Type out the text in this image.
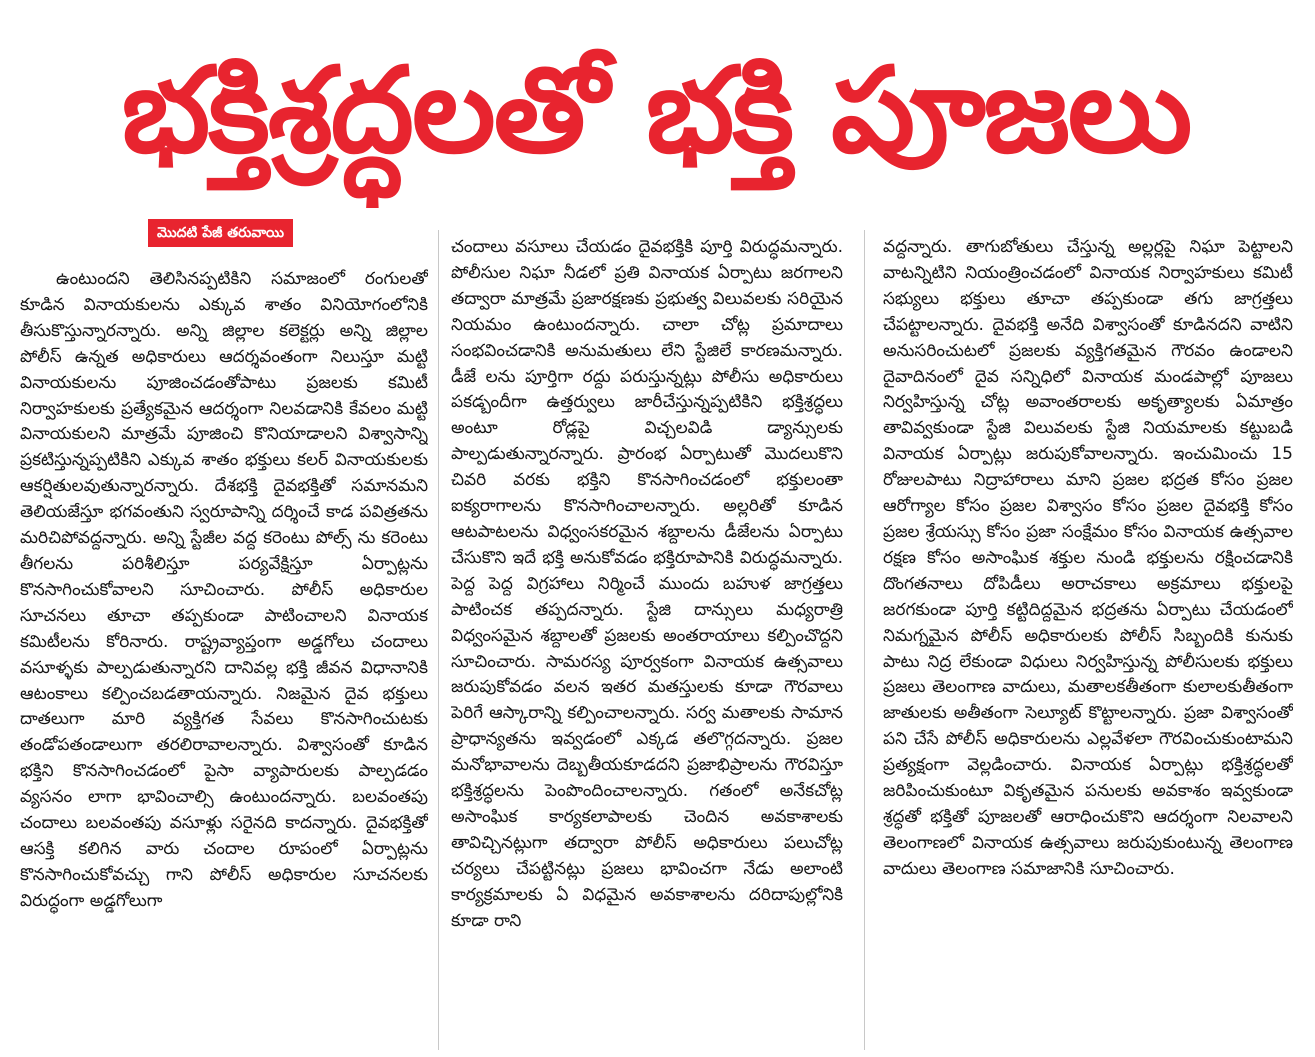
భక్తిశ్రద్ధలతో భక్తి పూజలు
మొదటి పేజీ తరువాయి

ఉంటుందని తెలిసినప్పటికిని సమాజంలో రంగులతో కూడిన వినాయకులను ఎక్కువ శాతం వినియోగంలోనికి తీసుకొస్తున్నారన్నారు. అన్ని జిల్లాల కలెక్టర్లు అన్ని జిల్లాల పోలీస్ ఉన్నత అధికారులు ఆదర్శవంతంగా నిలుస్తూ మట్టి వినాయకులను పూజించడంతోపాటు ప్రజలకు కమిటీ నిర్వాహకులకు ప్రత్యేకమైన ఆదర్శంగా నిలవడానికి కేవలం మట్టి వినాయకులని మాత్రమే పూజించి కొనియాడాలని విశ్వాసాన్ని ప్రకటిస్తున్నప్పటికిని ఎక్కువ శాతం భక్తులు కలర్ వినాయకులకు ఆకర్షితులవుతున్నారన్నారు. దేశభక్తి దైవభక్తితో సమానమని తెలియజేస్తూ భగవంతుని స్వరూపాన్ని దర్శించే కాడ పవిత్రతను మరిచిపోవద్దన్నారు. అన్ని స్టేజీల వద్ద కరెంటు పోల్స్ ను కరెంటు తీగలను పరిశీలిస్తూ పర్యవేక్షిస్తూ ఏర్పాట్లను కొనసాగించుకోవాలని సూచించారు. పోలీస్ అధికారుల సూచనలు తూచా తప్పకుండా పాటించాలని వినాయక కమిటీలను కోరినారు. రాష్ట్రవ్యాప్తంగా అడ్డగోలు చందాలు వసూళ్ళకు పాల్పడుతున్నారని దానివల్ల భక్తి జీవన విధానానికి ఆటంకాలు కల్పించబడతాయన్నారు. నిజమైన దైవ భక్తులు దాతలుగా మారి వ్యక్తిగత సేవలు కొనసాగించుటకు తండోపతండాలుగా తరలిరావాలన్నారు. విశ్వాసంతో కూడిన భక్తిని కొనసాగించడంలో పైసా వ్యాపారులకు పాల్పడడం వ్యసనం లాగా భావించాల్సి ఉంటుందన్నారు. బలవంతపు చందాలు బలవంతపు వసూళ్లు సరైనది కాదన్నారు. దైవభక్తితో ఆసక్తి కలిగిన వారు చందాల రూపంలో ఏర్పాట్లను కొనసాగించుకోవచ్చు గాని పోలీస్ అధికారుల సూచనలకు విరుద్ధంగా అడ్డగోలుగా

చందాలు వసూలు చేయడం దైవభక్తికి పూర్తి విరుద్ధమన్నారు. పోలీసుల నిఘా నీడలో ప్రతి వినాయక ఏర్పాటు జరగాలని తద్వారా మాత్రమే ప్రజారక్షణకు ప్రభుత్వ విలువలకు సరియైన నియమం ఉంటుందన్నారు. చాలా చోట్ల ప్రమాదాలు సంభవించడానికి అనుమతులు లేని స్టేజిలే కారణమన్నారు. డీజే లను పూర్తిగా రద్దు పరుస్తున్నట్లు పోలీసు అధికారులు పకడ్బందీగా ఉత్తర్వులు జారీచేస్తున్నప్పటికిని భక్తిశ్రద్ధలు అంటూ రోడ్లపై విచ్చలవిడి డ్యాన్సులకు పాల్పడుతున్నారన్నారు. ప్రారంభ ఏర్పాటుతో మొదలుకొని చివరి వరకు భక్తిని కొనసాగించడంలో భక్తులంతా ఐక్యరాగాలను కొనసాగించాలన్నారు. అల్లరితో కూడిన ఆటపాటలను విధ్వంసకరమైన శబ్దాలను డీజేలను ఏర్పాటు చేసుకొని ఇదే భక్తి అనుకోవడం భక్తిరూపానికి విరుద్ధమన్నారు. పెద్ద పెద్ద విగ్రహాలు నిర్మించే ముందు బహుళ జాగ్రత్తలు పాటించక తప్పదన్నారు. స్టేజి దాన్సులు మధ్యరాత్రి విధ్వంసమైన శబ్దాలతో ప్రజలకు అంతరాయాలు కల్పించొద్దని సూచించారు. సామరస్య పూర్వకంగా వినాయక ఉత్సవాలు జరుపుకోవడం వలన ఇతర మతస్తులకు కూడా గౌరవాలు పెరిగే ఆస్కారాన్ని కల్పించాలన్నారు. సర్వ మతాలకు సామాన ప్రాధాన్యతను ఇవ్వడంలో ఎక్కడ తలొగ్గదన్నారు. ప్రజల మనోభావాలను దెబ్బతీయకూడదని ప్రజాభిప్రాలను గౌరవిస్తూ భక్తిశ్రద్ధలను పెంపొందించాలన్నారు. గతంలో అనేకచోట్ల అసాంఘిక కార్యకలాపాలకు చెందిన అవకాశాలకు తావిచ్చినట్లుగా తద్వారా పోలీస్ అధికారులు పలుచోట్ల చర్యలు చేపట్టినట్లు ప్రజలు భావించగా నేడు అలాంటి కార్యక్రమాలకు ఏ విధమైన అవకాశాలను దరిదాపుల్లోనికి కూడా రాని

వద్దన్నారు. తాగుబోతులు చేస్తున్న అల్లర్లపై నిఘా పెట్టాలని వాటన్నిటిని నియంత్రించడంలో వినాయక నిర్వాహకులు కమిటీ సభ్యులు భక్తులు తూచా తప్పకుండా తగు జాగ్రత్తలు చేపట్టాలన్నారు. దైవభక్తి అనేది విశ్వాసంతో కూడినదని వాటిని అనుసరించుటలో ప్రజలకు వ్యక్తిగతమైన గౌరవం ఉండాలని దైవాదినంలో దైవ సన్నిధిలో వినాయక మండపాల్లో పూజలు నిర్వహిస్తున్న చోట్ల అవాంతరాలకు అకృత్యాలకు ఏమాత్రం తావివ్వకుండా స్టేజి విలువలకు స్టేజి నియమాలకు కట్టుబడి వినాయక ఏర్పాట్లు జరుపుకోవాలన్నారు. ఇంచుమించు 15 రోజులపాటు నిద్రాహారాలు మాని ప్రజల భద్రత కోసం ప్రజల ఆరోగ్యాల కోసం ప్రజల విశ్వాసం కోసం ప్రజల దైవభక్తి కోసం ప్రజల శ్రేయస్సు కోసం ప్రజా సంక్షేమం కోసం వినాయక ఉత్సవాల రక్షణ కోసం అసాంఘిక శక్తుల నుండి భక్తులను రక్షించడానికి దొంగతనాలు దోపిడీలు అరాచకాలు అక్రమాలు భక్తులపై జరగకుండా పూర్తి కట్టిదిద్దమైన భద్రతను ఏర్పాటు చేయడంలో నిమగ్నమైన పోలీస్ అధికారులకు పోలీస్ సిబ్బందికి కునుకు పాటు నిద్ర లేకుండా విధులు నిర్వహిస్తున్న పోలీసులకు భక్తులు ప్రజలు తెలంగాణ వాదులు, మతాలకతీతంగా కులాలకుతీతంగా జాతులకు అతీతంగా సెల్యూట్ కొట్టాలన్నారు. ప్రజా విశ్వాసంతో పని చేసే పోలీస్ అధికారులను ఎల్లవేళలా గౌరవించుకుంటామని ప్రత్యక్షంగా వెల్లడించారు. వినాయక ఏర్పాట్లు భక్తిశ్రద్ధలతో జరిపించుకుంటూ వికృతమైన పనులకు అవకాశం ఇవ్వకుండా శ్రద్ధతో భక్తితో పూజలతో ఆరాధించుకొని ఆదర్శంగా నిలవాలని తెలంగాణలో వినాయక ఉత్సవాలు జరుపుకుంటున్న తెలంగాణ వాదులు తెలంగాణ సమాజానికి సూచించారు.
